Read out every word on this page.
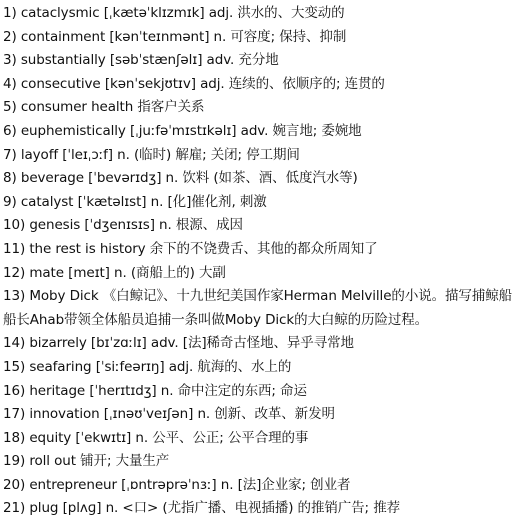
1) cataclysmic [ˌkætəˈklɪzmɪk] adj. 洪水的、大变动的
2) containment [kənˈteɪnmənt] n. 可容度; 保持、抑制
3) substantially [səbˈstænʃəlɪ] adv. 充分地
4) consecutive [kənˈsekjʊtɪv] adj. 连续的、依顺序的; 连贯的
5) consumer health 指客户关系
6) euphemistically [ˌjuːfəˈmɪstɪkəlɪ] adv. 婉言地; 委婉地
7) layoff [ˈleɪˌɔːf] n. (临时) 解雇; 关闭; 停工期间
8) beverage [ˈbevərɪdʒ] n. 饮料 (如茶、酒、低度汽水等)
9) catalyst [ˈkætəlɪst] n. [化]催化剂, 刺激
10) genesis [ˈdʒenɪsɪs] n. 根源、成因
11) the rest is history 余下的不饶费舌、其他的都众所周知了
12) mate [meɪt] n. (商船上的) 大副
13) Moby Dick 《白鲸记》、十九世纪美国作家Herman Melville的小说。描写捕鲸船船长Ahab带领全体船员追捕一条叫做Moby Dick的大白鲸的历险过程。
14) bizarrely [bɪˈzɑːlɪ] adv. [法]稀奇古怪地、异乎寻常地
15) seafaring [ˈsiːfeərɪŋ] adj. 航海的、水上的
16) heritage [ˈherɪtɪdʒ] n. 命中注定的东西; 命运
17) innovation [ˌɪnəʊˈveɪʃən] n. 创新、改革、新发明
18) equity [ˈekwɪtɪ] n. 公平、公正; 公平合理的事
19) roll out 铺开; 大量生产
20) entrepreneur [ˌɒntrəprəˈnɜː] n. [法]企业家; 创业者
21) plug [plʌɡ] n. <口> (尤指广播、电视插播) 的推销广告; 推荐
